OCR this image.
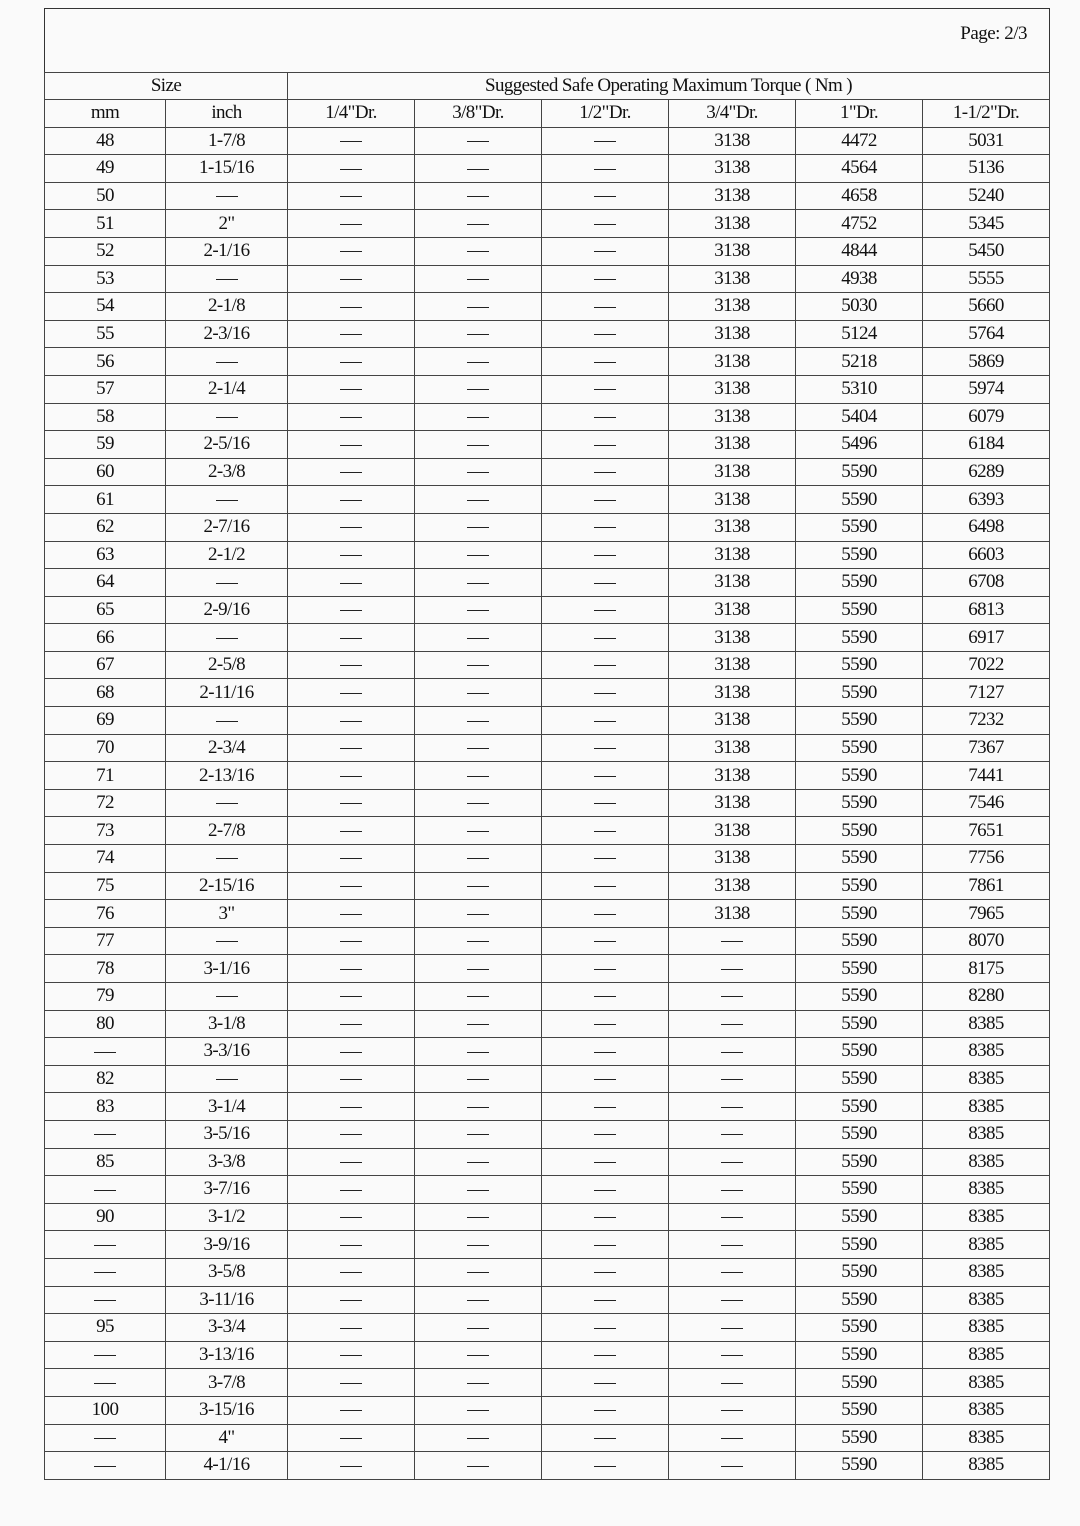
Page: 2/3
Size		Suggested Safe Operating Maximum Torque ( Nm )					
mm	inch	1/4"Dr.	3/8"Dr.	1/2"Dr.	3/4"Dr.	1"Dr.	1-1/2"Dr.
48	1-7/8				3138	4472	5031
49	1-15/16				3138	4564	5136
50					3138	4658	5240
51	2"				3138	4752	5345
52	2-1/16				3138	4844	5450
53					3138	4938	5555
54	2-1/8				3138	5030	5660
55	2-3/16				3138	5124	5764
56					3138	5218	5869
57	2-1/4				3138	5310	5974
58					3138	5404	6079
59	2-5/16				3138	5496	6184
60	2-3/8				3138	5590	6289
61					3138	5590	6393
62	2-7/16				3138	5590	6498
63	2-1/2				3138	5590	6603
64					3138	5590	6708
65	2-9/16				3138	5590	6813
66					3138	5590	6917
67	2-5/8				3138	5590	7022
68	2-11/16				3138	5590	7127
69					3138	5590	7232
70	2-3/4				3138	5590	7367
71	2-13/16				3138	5590	7441
72					3138	5590	7546
73	2-7/8				3138	5590	7651
74					3138	5590	7756
75	2-15/16				3138	5590	7861
76	3"				3138	5590	7965
77						5590	8070
78	3-1/16					5590	8175
79						5590	8280
80	3-1/8					5590	8385
	3-3/16					5590	8385
82						5590	8385
83	3-1/4					5590	8385
	3-5/16					5590	8385
85	3-3/8					5590	8385
	3-7/16					5590	8385
90	3-1/2					5590	8385
	3-9/16					5590	8385
	3-5/8					5590	8385
	3-11/16					5590	8385
95	3-3/4					5590	8385
	3-13/16					5590	8385
	3-7/8					5590	8385
100	3-15/16					5590	8385
	4"					5590	8385
	4-1/16					5590	8385
